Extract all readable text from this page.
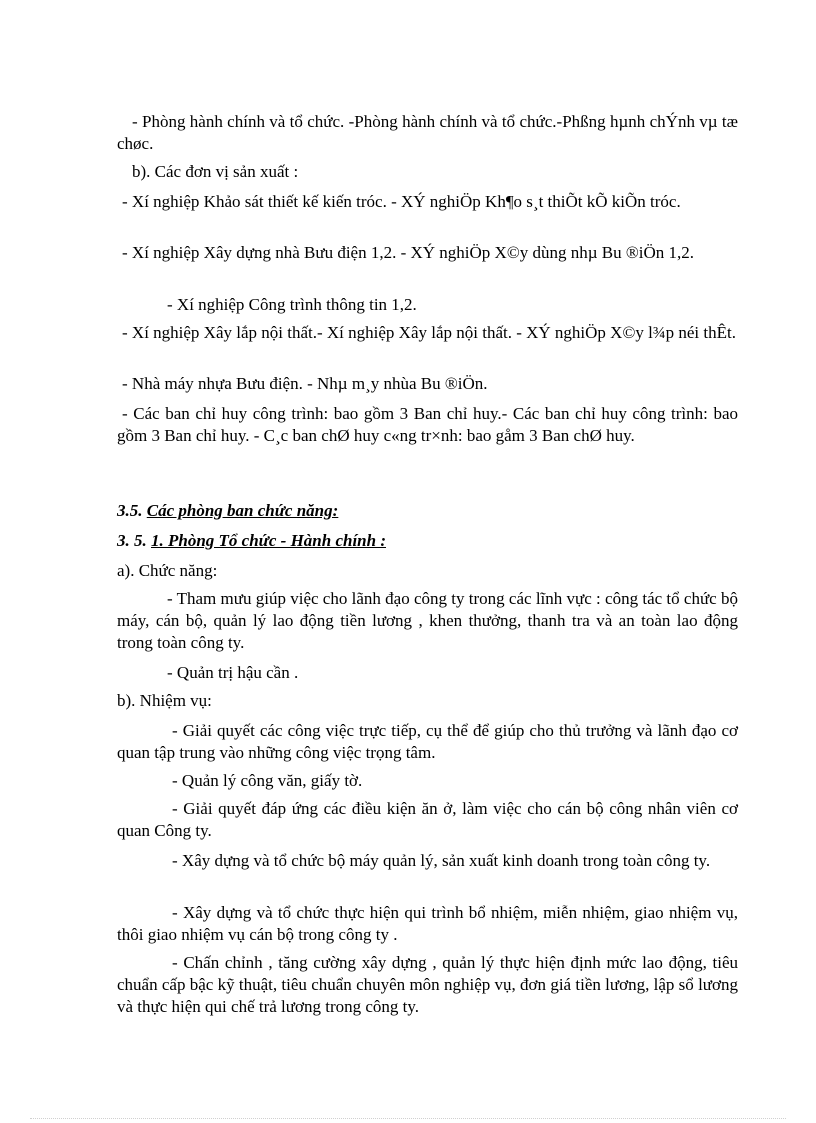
- Phòng hành chính và tổ chức. -Phòng hành chính và tổ chức.-Phßng hµnh chÝnh vµ tæ chøc.

b). Các đơn vị sản xuất :

- Xí nghiệp Khảo sát thiết kế kiến tróc. - XÝ nghiÖp Kh¶o s¸t thiÕt kÕ kiÕn tróc.

- Xí nghiệp Xây dựng nhà Bưu điện 1,2. - XÝ nghiÖp X©y dùng nhµ Bu ®iÖn 1,2.

- Xí nghiệp Công trình thông tin 1,2.

- Xí nghiệp Xây lắp nội thất.- Xí nghiệp Xây lắp nội thất. - XÝ nghiÖp X©y l¾p néi thÊt.

- Nhà máy nhựa Bưu điện. - Nhµ m¸y nhùa Bu ®iÖn.

- Các ban chỉ huy công trình: bao gồm 3 Ban chỉ huy.- Các ban chỉ huy công trình: bao gồm 3 Ban chỉ huy. - C¸c ban chØ huy c«ng tr×nh: bao gåm 3 Ban chØ huy.

3.5. Các phòng ban chức năng:

3. 5. 1. Phòng Tổ chức - Hành chính :

a). Chức năng:

- Tham mưu giúp việc cho lãnh đạo công ty trong các lĩnh vực : công tác tổ chức bộ máy, cán bộ, quản lý lao động tiền lương , khen thưởng, thanh tra và an toàn lao động trong toàn công ty.

- Quản trị hậu cần .

b). Nhiệm vụ:

- Giải quyết các công việc trực tiếp, cụ thể để giúp cho thủ trưởng và lãnh đạo cơ quan tập trung vào những công việc trọng tâm.

- Quản lý công văn, giấy tờ.

- Giải quyết đáp ứng các điều kiện ăn ở, làm việc cho cán bộ công nhân viên cơ quan Công ty.

- Xây dựng và tổ chức bộ máy quản lý, sản xuất kinh doanh trong toàn công ty.

- Xây dựng và tổ chức thực hiện qui trình bổ nhiệm, miễn nhiệm, giao nhiệm vụ, thôi giao nhiệm vụ cán bộ trong công ty .

- Chấn chỉnh , tăng cường xây dựng , quản lý thực hiện định mức lao động, tiêu chuẩn cấp bậc kỹ thuật, tiêu chuẩn chuyên môn nghiệp vụ, đơn giá tiền lương, lập sổ lương và thực hiện qui chế trả lương trong công ty.
